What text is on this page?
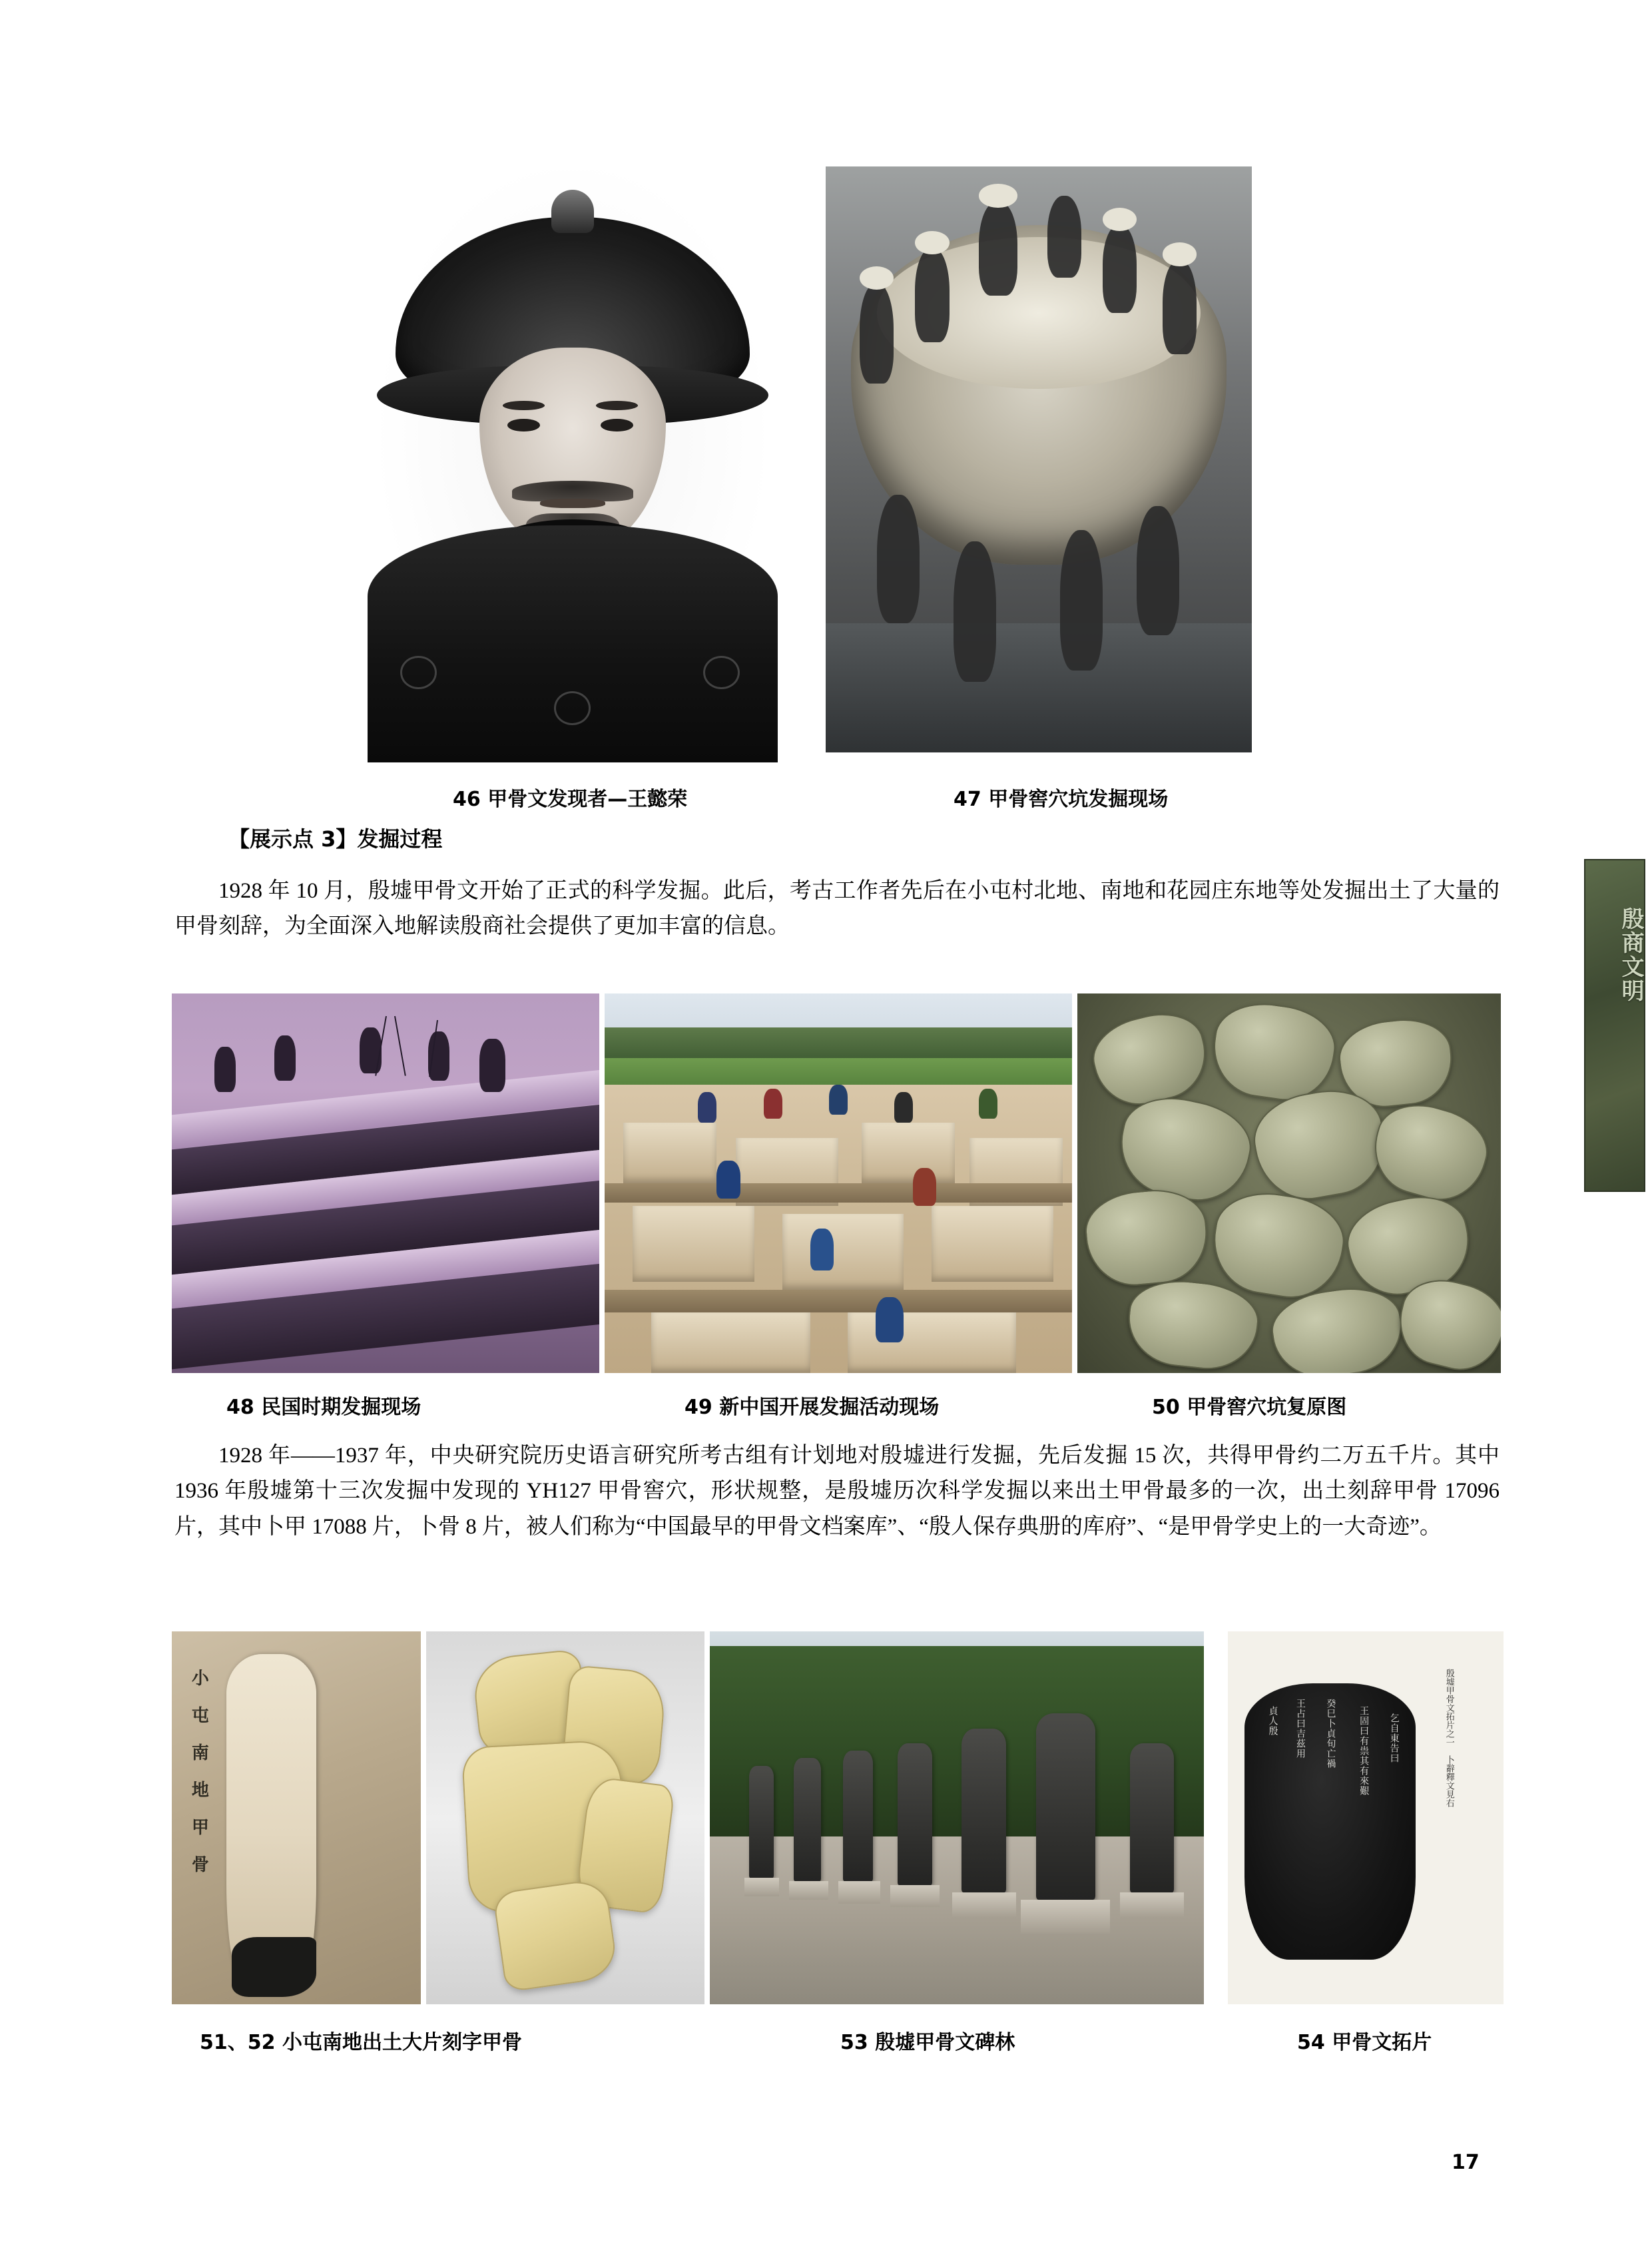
46 甲骨文发现者—王懿荣	47 甲骨窖穴坑发掘现场
【展示点 3】发掘过程
1928 年 10 月，殷墟甲骨文开始了正式的科学发掘。此后，考古工作者先后在小屯村北地、南地和花园庄东地等处发掘出土了大量的甲骨刻辞，为全面深入地解读殷商社会提供了更加丰富的信息。
48 民国时期发掘现场	49 新中国开展发掘活动现场	50 甲骨窖穴坑复原图
1928 年——1937 年，中央研究院历史语言研究所考古组有计划地对殷墟进行发掘，先后发掘 15 次，共得甲骨约二万五千片。其中 1936 年殷墟第十三次发掘中发现的 YH127 甲骨窖穴，形状规整，是殷墟历次科学发掘以来出土甲骨最多的一次，出土刻辞甲骨 17096 片，其中卜甲 17088 片，卜骨 8 片，被人们称为“中国最早的甲骨文档案库”、“殷人保存典册的库府”、“是甲骨学史上的一大奇迹”。
小
屯
南
地
甲
骨
貞人殷 王占曰吉茲用 癸巳卜貞旬亡禍 王固曰有祟其有來艱 乞自東告曰	殷墟甲骨文拓片之一　卜辭釋文見右
51、52 小屯南地出土大片刻字甲骨	53 殷墟甲骨文碑林	54 甲骨文拓片
殷商文明
17
